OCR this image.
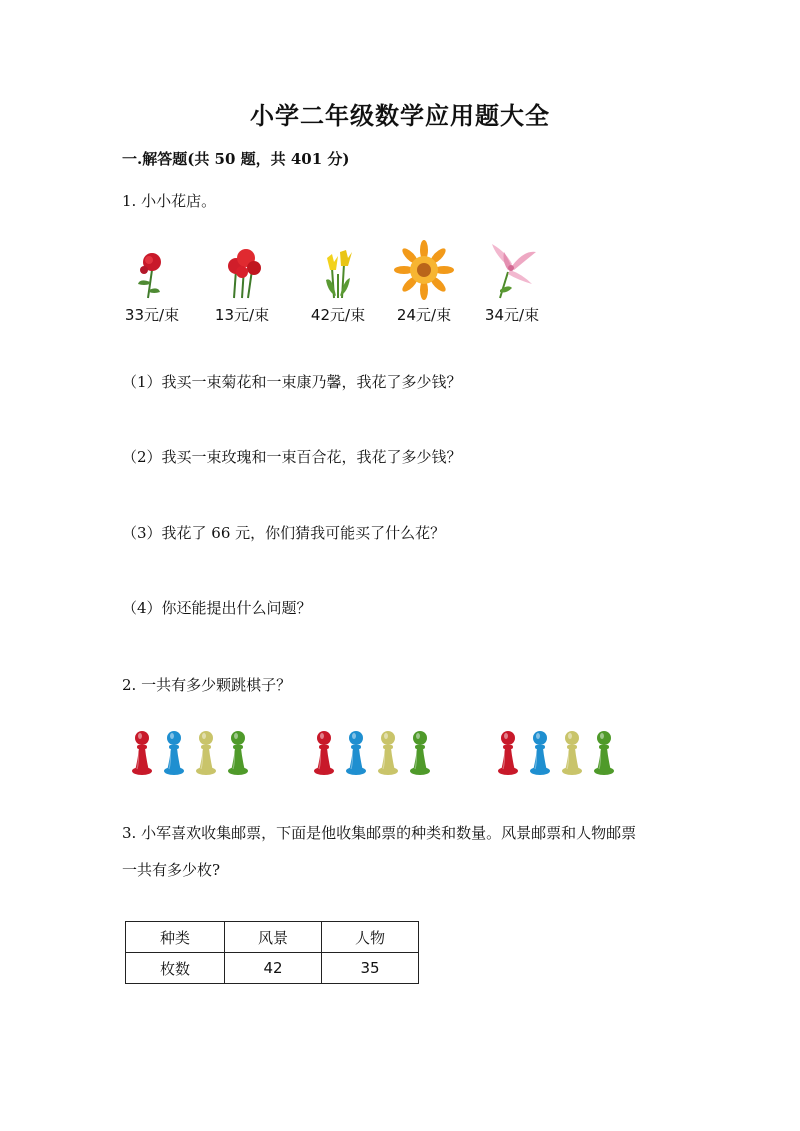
小学二年级数学应用题大全
一.解答题(共 50 题，共 401 分)
1. 小小花店。
33元/束	13元/束	42元/束	24元/束	34元/束
（1）我买一束菊花和一束康乃馨，我花了多少钱？
（2）我买一束玫瑰和一束百合花，我花了多少钱？
（3）我花了 66 元，你们猜我可能买了什么花？
（4）你还能提出什么问题？
2. 一共有多少颗跳棋子？
3. 小军喜欢收集邮票，下面是他收集邮票的种类和数量。风景邮票和人物邮票
一共有多少枚?
种类	风景	人物
枚数	42	35
